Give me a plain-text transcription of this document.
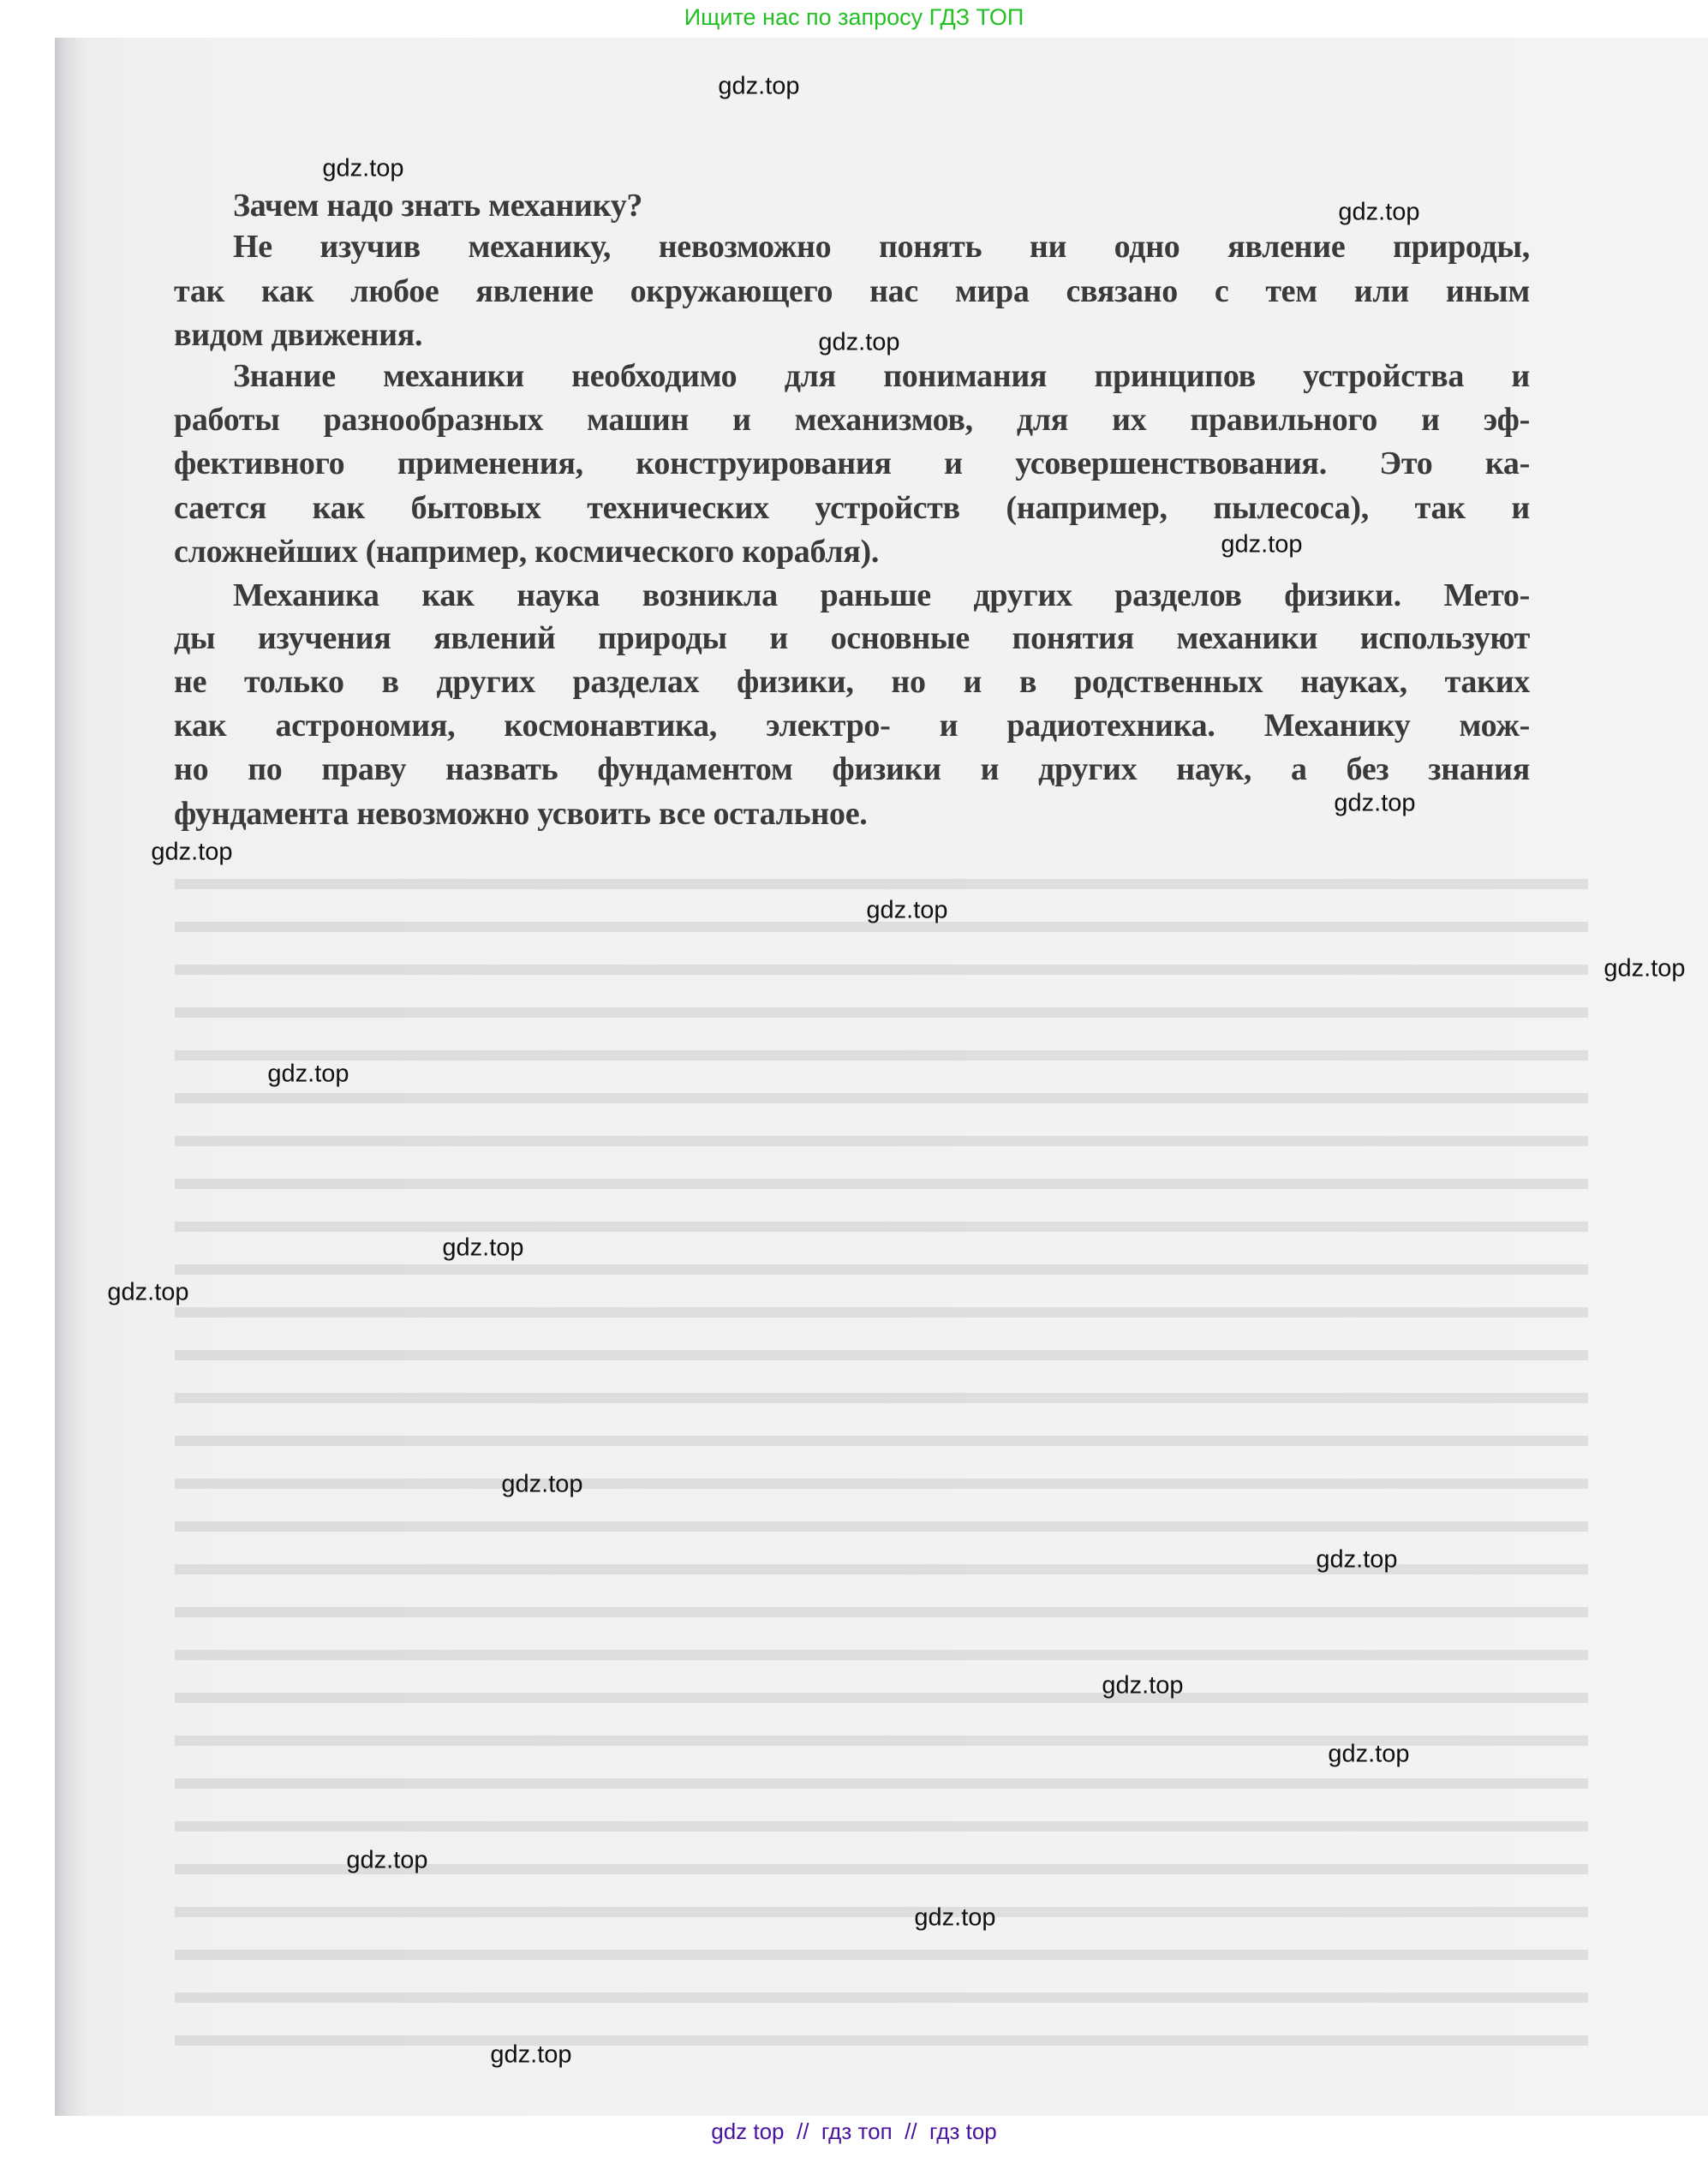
Ищите нас по запросу ГДЗ ТОП
Зачем надо знать механику?
Не изучив механику, невозможно понять ни одно явление природы,
так как любое явление окружающего нас мира связано с тем или иным
видом движения.
Знание механики необходимо для понимания принципов устройства и
работы разнообразных машин и механизмов, для их правильного и эф-
фективного применения, конструирования и усовершенствования. Это ка-
сается как бытовых технических устройств (например, пылесоса), так и
сложнейших (например, космического корабля).
Механика как наука возникла раньше других разделов физики. Мето-
ды изучения явлений природы и основные понятия механики используют
не только в других разделах физики, но и в родственных науках, таких
как астрономия, космонавтика, электро- и радиотехника. Механику мож-
но по праву назвать фундаментом физики и других наук, а без знания
фундамента невозможно усвоить все остальное.
gdz.top
gdz.top
gdz.top
gdz.top
gdz.top
gdz.top
gdz.top
gdz.top
gdz.top
gdz.top
gdz.top
gdz.top
gdz.top
gdz.top
gdz.top
gdz.top
gdz.top
gdz.top
gdz.top
gdz top  //  гдз топ  //  гдз top
